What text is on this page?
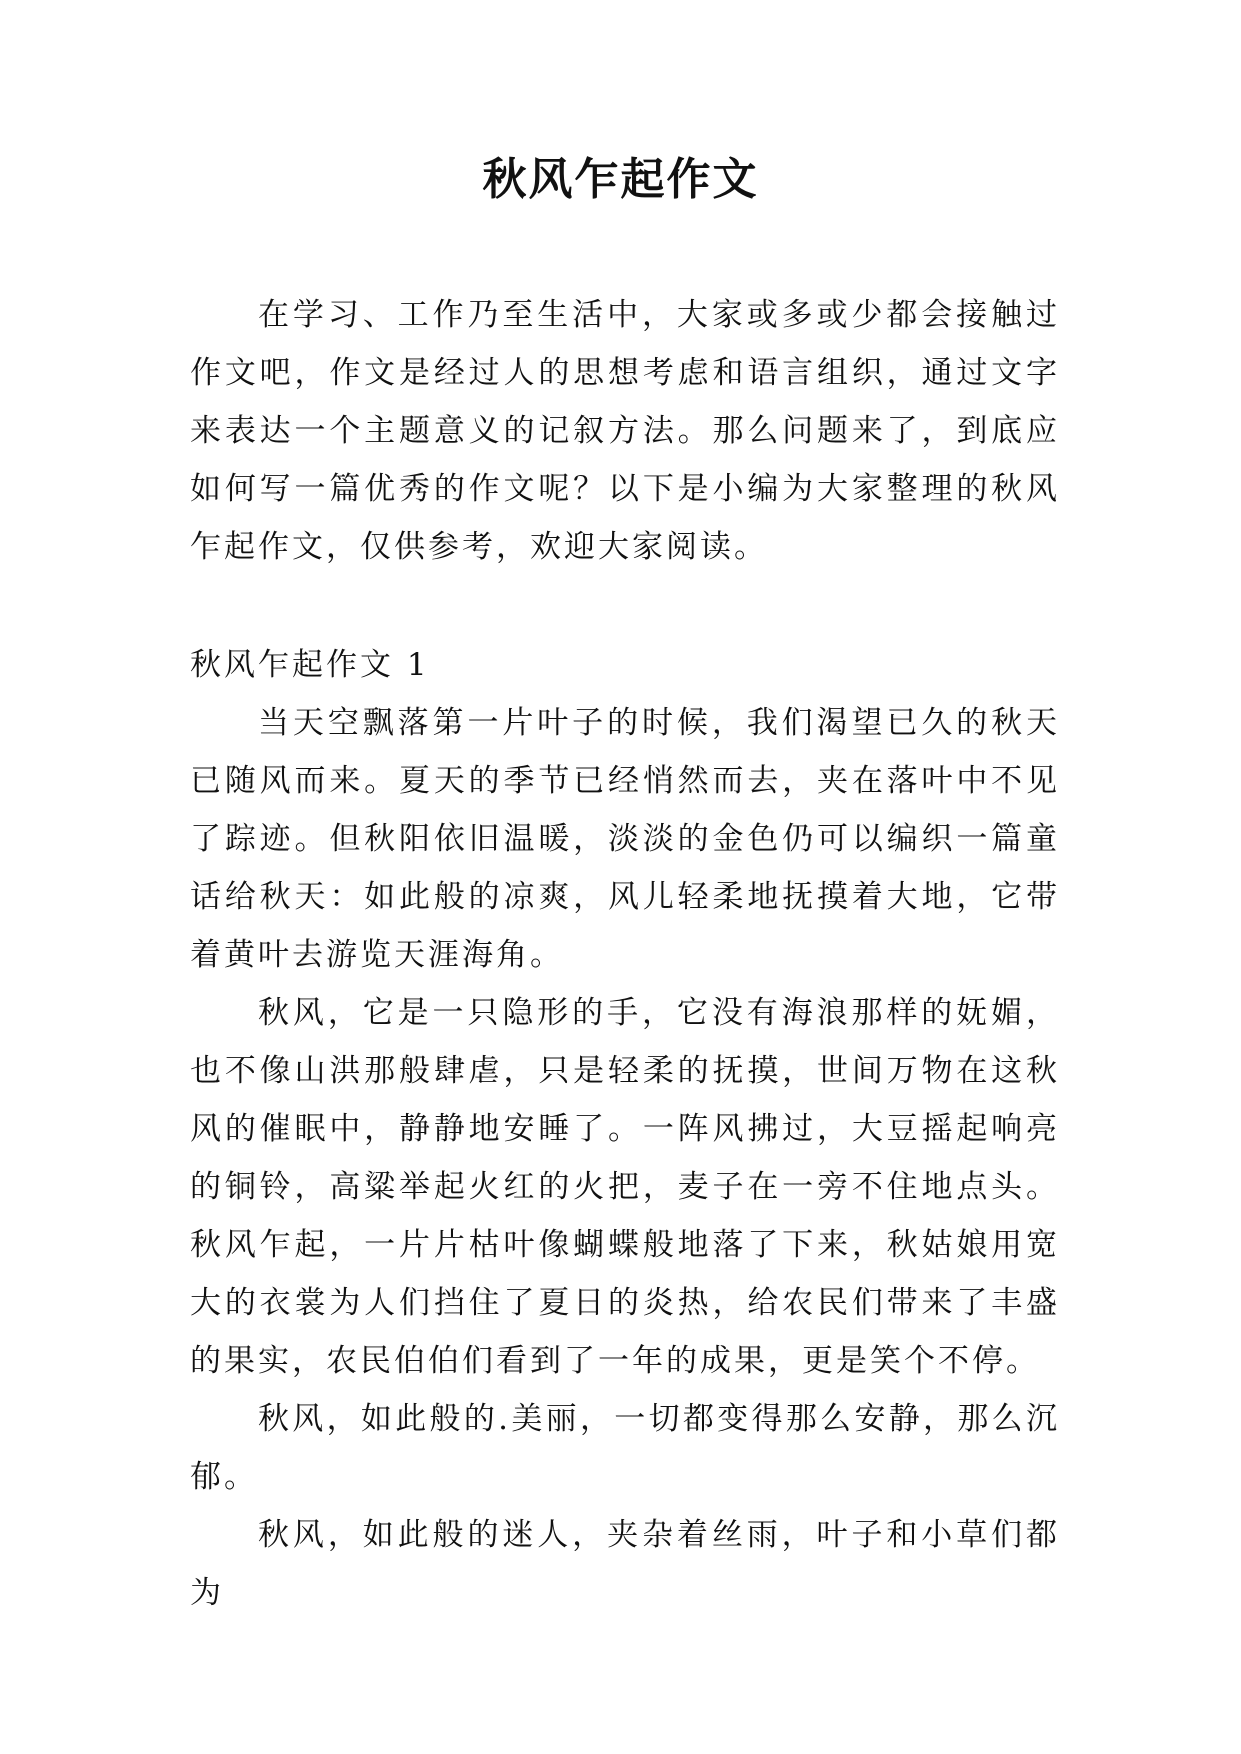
秋风乍起作文

在学习、工作乃至生活中，大家或多或少都会接触过作文吧，作文是经过人的思想考虑和语言组织，通过文字来表达一个主题意义的记叙方法。那么问题来了，到底应如何写一篇优秀的作文呢？以下是小编为大家整理的秋风乍起作文，仅供参考，欢迎大家阅读。

秋风乍起作文 1

当天空飘落第一片叶子的时候，我们渴望已久的秋天已随风而来。夏天的季节已经悄然而去，夹在落叶中不见了踪迹。但秋阳依旧温暖，淡淡的金色仍可以编织一篇童话给秋天：如此般的凉爽，风儿轻柔地抚摸着大地，它带着黄叶去游览天涯海角。

秋风，它是一只隐形的手，它没有海浪那样的妩媚，也不像山洪那般肆虐，只是轻柔的抚摸，世间万物在这秋风的催眠中，静静地安睡了。一阵风拂过，大豆摇起响亮的铜铃，高粱举起火红的火把，麦子在一旁不住地点头。秋风乍起，一片片枯叶像蝴蝶般地落了下来，秋姑娘用宽大的衣裳为人们挡住了夏日的炎热，给农民们带来了丰盛的果实，农民伯伯们看到了一年的成果，更是笑个不停。

秋风，如此般的.美丽，一切都变得那么安静，那么沉郁。

秋风，如此般的迷人，夹杂着丝雨，叶子和小草们都为
